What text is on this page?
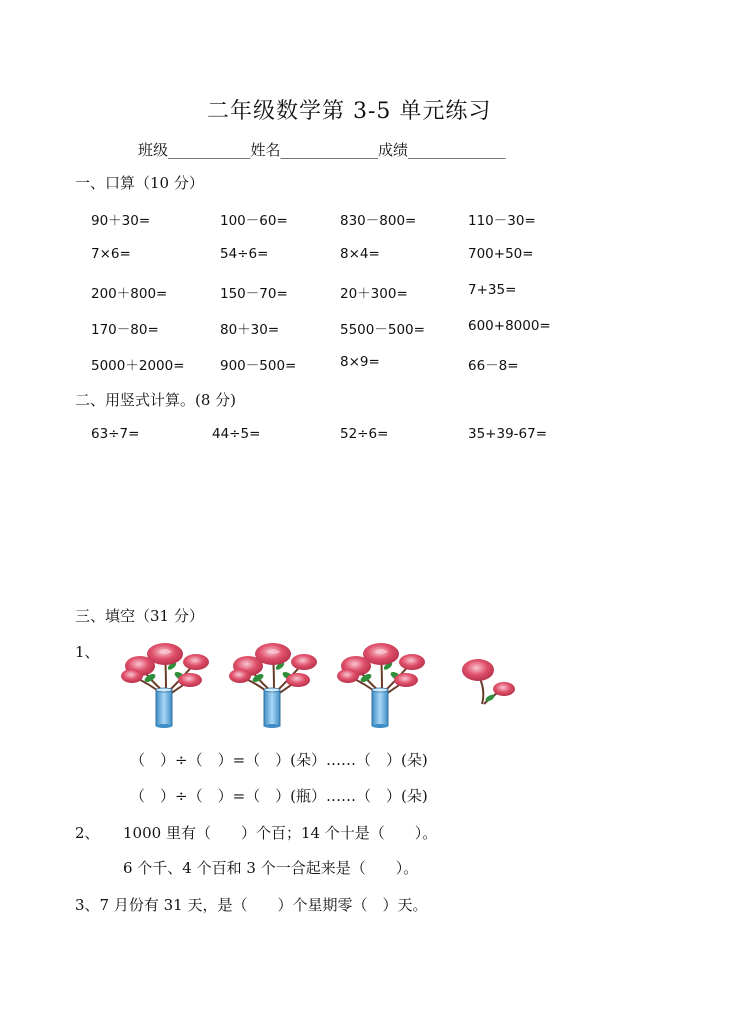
二年级数学第 3-5 单元练习
班级___________姓名_____________成绩_____________
一、口算（10 分）
90＋30=	100－60=	830－800=	110－30=
7×6=	54÷6=	8×4=	700+50=
200＋800=	150－70=	20＋300=	7+35=
170－80=	80＋30=	5500－500=	600+8000=
5000＋2000=	900－500=	8×9=	66－8=
二、用竖式计算。(8 分)
63÷7=	44÷5=	52÷6=	35+39-67=
三、填空（31 分）
1、
（　）÷（　）=（　）(朵）……（　）(朵)
（　）÷（　）=（　）(瓶）……（　）(朵)
2、 1000 里有（　　）个百；14 个十是（　　）。
6 个千、4 个百和 3 个一合起来是（　　）。
3、7 月份有 31 天，是（　　）个星期零（　）天。
